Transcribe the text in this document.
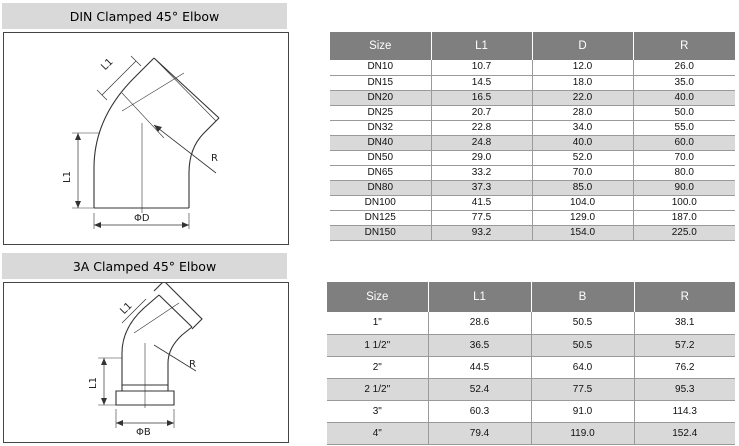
DIN Clamped 45° Elbow
L1
L1
R
ΦD
Size	L1	D	R
DN10	10.7	12.0	26.0
DN15	14.5	18.0	35.0
DN20	16.5	22.0	40.0
DN25	20.7	28.0	50.0
DN32	22.8	34.0	55.0
DN40	24.8	40.0	60.0
DN50	29.0	52.0	70.0
DN65	33.2	70.0	80.0
DN80	37.3	85.0	90.0
DN100	41.5	104.0	100.0
DN125	77.5	129.0	187.0
DN150	93.2	154.0	225.0
3A Clamped 45° Elbow
L1
L1
R
ΦB
Size	L1	B	R
1"	28.6	50.5	38.1
1 1/2"	36.5	50.5	57.2
2"	44.5	64.0	76.2
2 1/2"	52.4	77.5	95.3
3"	60.3	91.0	114.3
4"	79.4	119.0	152.4
